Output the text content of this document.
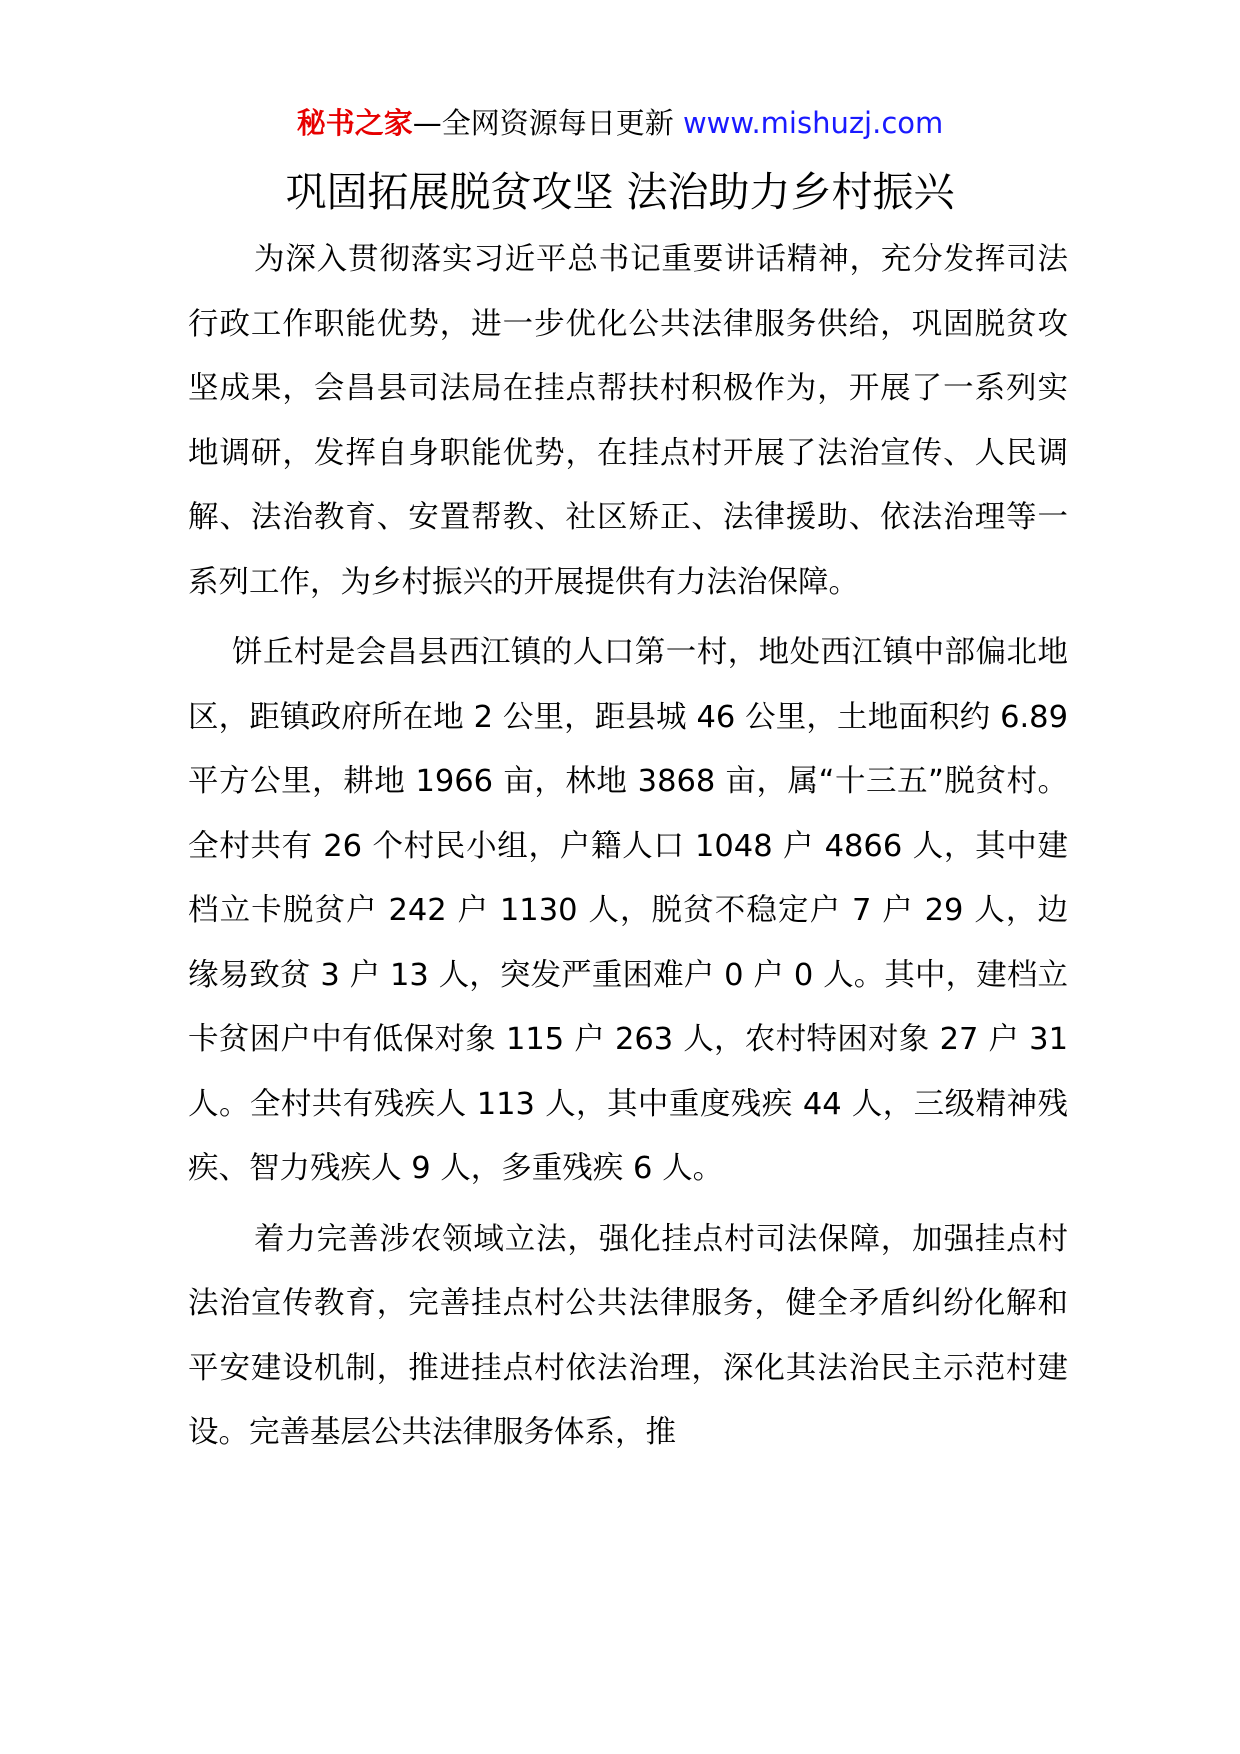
秘书之家—全网资源每日更新 www.mishuzj.com
巩固拓展脱贫攻坚 法治助力乡村振兴

为深入贯彻落实习近平总书记重要讲话精神，充分发挥司法行政工作职能优势，进一步优化公共法律服务供给，巩固脱贫攻坚成果，会昌县司法局在挂点帮扶村积极作为，开展了一系列实地调研，发挥自身职能优势，在挂点村开展了法治宣传、人民调解、法治教育、安置帮教、社区矫正、法律援助、依法治理等一系列工作，为乡村振兴的开展提供有力法治保障。

饼丘村是会昌县西江镇的人口第一村，地处西江镇中部偏北地区，距镇政府所在地 2 公里，距县城 46 公里，土地面积约 6.89 平方公里，耕地 1966 亩，林地 3868 亩，属“十三五”脱贫村。全村共有 26 个村民小组，户籍人口 1048 户 4866 人，其中建档立卡脱贫户 242 户 1130 人，脱贫不稳定户 7 户 29 人，边缘易致贫 3 户 13 人，突发严重困难户 0 户 0 人。其中，建档立卡贫困户中有低保对象 115 户 263 人，农村特困对象 27 户 31 人。全村共有残疾人 113 人，其中重度残疾 44 人，三级精神残疾、智力残疾人 9 人，多重残疾 6 人。

着力完善涉农领域立法，强化挂点村司法保障，加强挂点村法治宣传教育，完善挂点村公共法律服务，健全矛盾纠纷化解和平安建设机制，推进挂点村依法治理，深化其法治民主示范村建设。完善基层公共法律服务体系，推
